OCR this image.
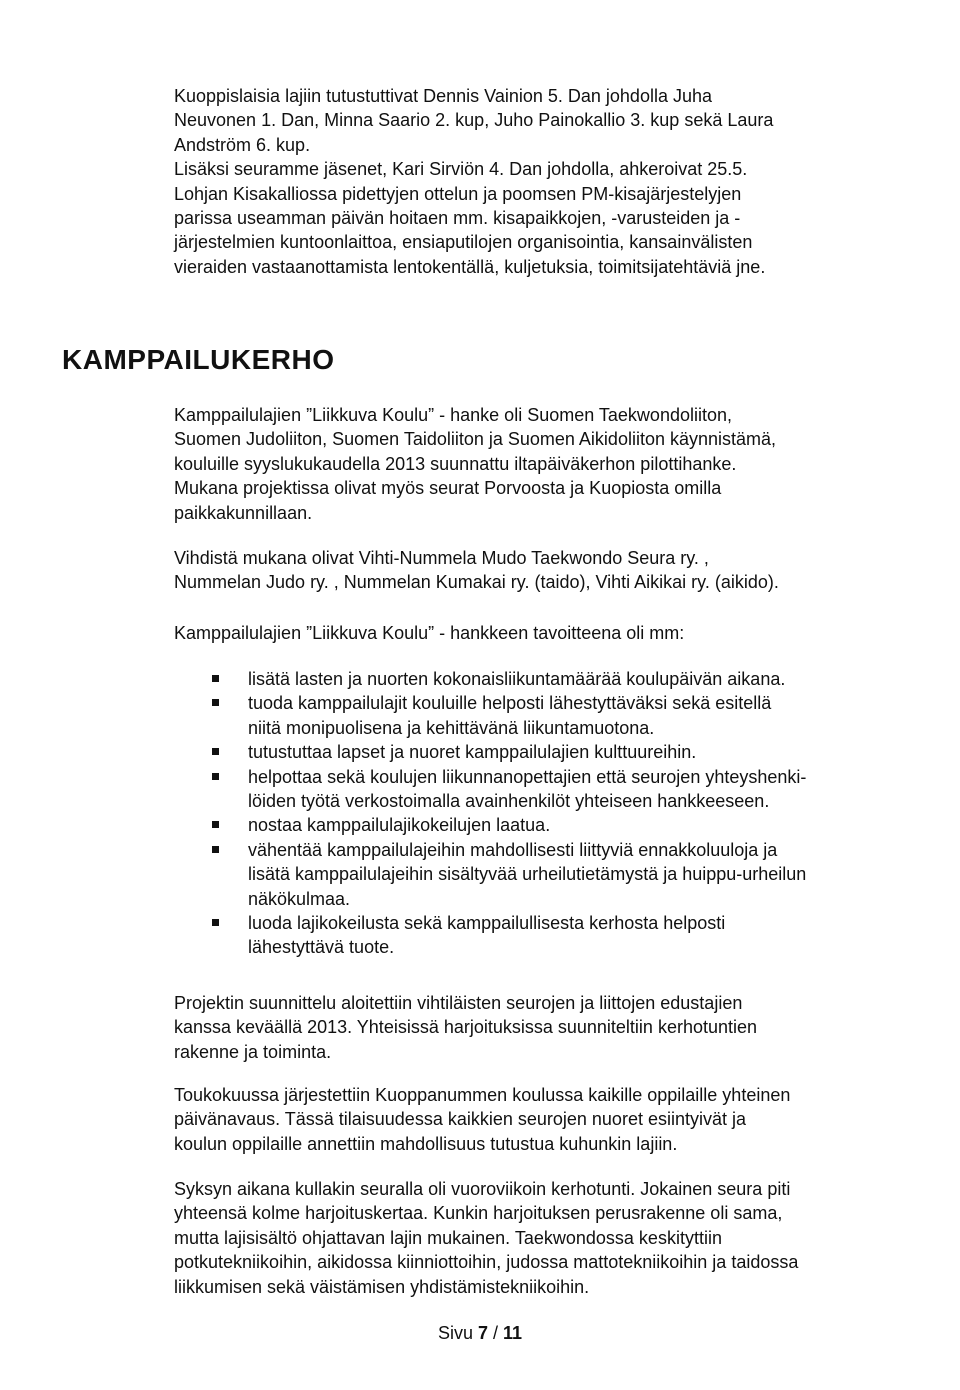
Kuoppislaisia lajiin tutustuttivat Dennis Vainion 5. Dan johdolla Juha
Neuvonen 1. Dan, Minna Saario 2. kup, Juho Painokallio 3. kup sekä Laura
Andström 6. kup.
Lisäksi seuramme jäsenet, Kari Sirviön 4. Dan johdolla, ahkeroivat 25.5.
Lohjan Kisakalliossa pidettyjen ottelun ja poomsen PM-kisajärjestelyjen
parissa useamman päivän hoitaen mm. kisapaikkojen, -varusteiden ja -
järjestelmien kuntoonlaittoa, ensiaputilojen organisointia, kansainvälisten
vieraiden vastaanottamista lentokentällä, kuljetuksia, toimitsijatehtäviä jne.

KAMPPAILUKERHO

Kamppailulajien ”Liikkuva Koulu” - hanke oli Suomen Taekwondoliiton,
Suomen Judoliiton, Suomen Taidoliiton ja Suomen Aikidoliiton käynnistämä,
kouluille syyslukukaudella 2013 suunnattu iltapäiväkerhon pilottihanke.
Mukana projektissa olivat myös seurat Porvoosta ja Kuopiosta omilla
paikkakunnillaan.

Vihdistä mukana olivat Vihti-Nummela Mudo Taekwondo Seura ry. ,
Nummelan Judo ry. , Nummelan Kumakai ry. (taido), Vihti Aikikai ry. (aikido).

Kamppailulajien ”Liikkuva Koulu” - hankkeen tavoitteena oli mm:

lisätä lasten ja nuorten kokonaisliikuntamäärää koulupäivän aikana.
tuoda kamppailulajit kouluille helposti lähestyttäväksi sekä esitellä
niitä monipuolisena ja kehittävänä liikuntamuotona.
tutustuttaa lapset ja nuoret kamppailulajien kulttuureihin.
helpottaa sekä koulujen liikunnanopettajien että seurojen yhteyshenki-
löiden työtä verkostoimalla avainhenkilöt yhteiseen hankkeeseen.
nostaa kamppailulajikokeilujen laatua.
vähentää kamppailulajeihin mahdollisesti liittyviä ennakkoluuloja ja
lisätä kamppailulajeihin sisältyvää urheilutietämystä ja huippu-urheilun
näkökulmaa.
luoda lajikokeilusta sekä kamppailullisesta kerhosta helposti
lähestyttävä tuote.

Projektin suunnittelu aloitettiin vihtiläisten seurojen ja liittojen edustajien
kanssa keväällä 2013. Yhteisissä harjoituksissa suunniteltiin kerhotuntien
rakenne ja toiminta.

Toukokuussa järjestettiin Kuoppanummen koulussa kaikille oppilaille yhteinen
päivänavaus. Tässä tilaisuudessa kaikkien seurojen nuoret esiintyivät ja
koulun oppilaille annettiin mahdollisuus tutustua kuhunkin lajiin.

Syksyn aikana kullakin seuralla oli vuoroviikoin kerhotunti. Jokainen seura piti
yhteensä kolme harjoituskertaa. Kunkin harjoituksen perusrakenne oli sama,
mutta lajisisältö ohjattavan lajin mukainen. Taekwondossa keskityttiin
potkutekniikoihin, aikidossa kiinniottoihin, judossa mattotekniikoihin ja taidossa
liikkumisen sekä väistämisen yhdistämistekniikoihin.

Sivu 7 / 11
